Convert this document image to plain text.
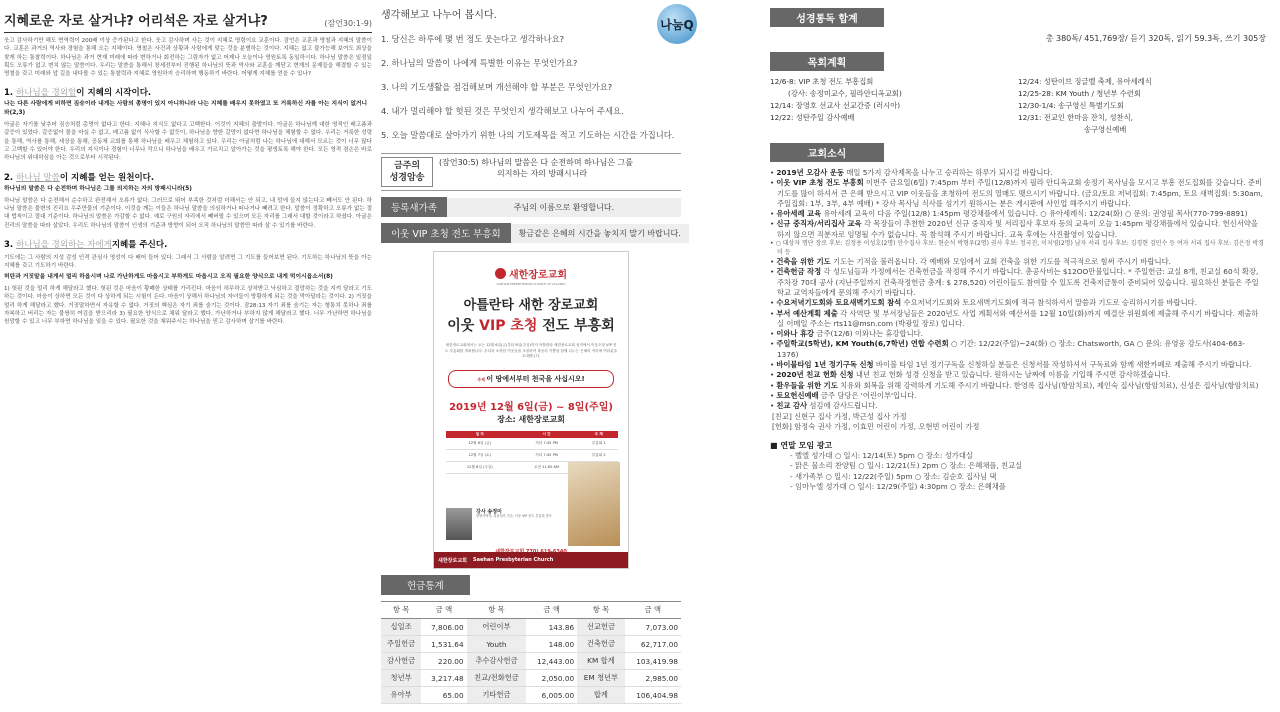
지혜로운 자로 살거냐? 어리석은 자로 살거냐?	(잠언30:1-9)

웃고 감사하기만 해도 면역력이 200배 이상 증가된다고 한다. 웃고 감사하며 사는 것이 지혜로 명령이요 교훈이다. 잠언은 교훈과 명철과 지혜의 말씀이다. 교훈은 과거의 역사와 경험을 통해 오는 지혜이다. 명철은 사건과 상황과 사람에게 맞는 것을 분별하는 것이다. 지혜는 없고 불가능해 보여도 최상을 찾게 하는 통찰력이다. 하나님은 과거 현재 미래에 따라 변하거나 회전하는 그림자가 없고 어제나 오늘이나 영원토록 동일하시다. 하나님 말씀은 일점일획도 오류가 없고 변치 않는 말씀이다. 우리는 말씀을 통해서 창세전부터 진행된 하나님의 뜻과 역사와 교훈을 깨닫고 현재의 문제들을 해결할 수 있는 명철을 갖고 미래와 앞 길을 내다볼 수 있는 통찰력과 지혜로 영원하지 승리하며 행동하기 바란다. 어떻게 지혜를 얻을 수 있나?

1. 하나님을 경외함이 지혜의 시작이다.

나는 다른 사람에게 비하면 짐승이라 내게는 사람의 총명이 있지 아니하니라 나는 지혜를 배우지 못하였고 또 거룩하신 자를 아는 지식이 없거니와(2,3)

아굴은 자기를 낮추어 짐승처럼 총명이 없다고 한다. 지혜나 지식도 없다고 고백한다. 이것이 지혜의 출발이다. 아굴은 하나님께 대한 영적인 배고픔과 갈증이 있었다. 갈증없이 물을 마실 수 없고, 배고픔 없이 식사할 수 없듯이, 하나님을 향한 갈망이 없다면 하나님을 체험할 수 없다. 우리는 거룩한 성령을 통해, 역사를 통해, 세상을 통해, 공동체 교회를 통해 하나님을 배우고 체험하고 있다. 우리는 아굴처럼 나는 하나님에 대해서 모르는 것이 너무 많다고 고백할 수 있어야 한다. 우리의 지식이나 경험이 너무나 작으니 하나님을 배우고 가르치고 알아가는 것을 평생토록 해야 한다. 모든 영적 겸손은 바로 하나님의 위대하심을 아는 것으로부터 시작된다.

2. 하나님 말씀이 지혜를 얻는 원천이다.

하나님의 말씀은 다 순전하며 하나님은 그를 의지하는 자의 방패시니라(5)

하나님 말씀은 다 순전해서 순수하고 완전해서 오류가 없다. 그러므로 뛰어 부족한 것처럼 더해서는 안 되고, 내 맘에 들지 않는다고 빼서도 안 된다. 하나님 말씀은 불변의 진리요 우주만물의 기준이다. 이것을 깨는 이들은 하나님 말씀을 의심하거나 떠나거나 빼려고 한다. 말씀이 정확하고 오류가 없는 절대 법칙이고 절대 기준이다. 하나님의 말씀은 가감할 수 없다. 예로 구원의 자리에서 빼버릴 수 있으며 모든 자리를 그래서 대할 것이라고 하셨다. 아굴은 진리의 말씀을 따라 살았다. 우리도 하나님의 말씀이 인생의 기준과 방향이 되어 오직 하나님의 말씀만 따라 살 수 있기를 바란다.

3. 하나님을 경외하는 자에게지혜를 주신다.

기도에는 그 사람의 지성 감성 인격 관심사 영성이 다 배어 들어 있다. 그래서 그 사람을 알려면 그 기도를 들어보면 된다. 기도하는 하나님의 뜻을 아는 지혜를 갖고 기도하기 바란다.

허탄과 거짓말을 내게서 멀리 하옵시며 나로 가난하게도 마옵시고 부하게도 마옵시고 오직 필요한 양식으로 내게 먹이시옵소서(8)

1) 헛된 것을 멀리 하게 해달라고 했다. 헛된 것은 마음이 황폐한 상태를 가리킨다. 마음이 허무하고 상처받고 낙심하고 절망하는 것을 지켜 달라고 기도하는 것이다. 마음이 상하면 모든 것이 다 상하게 되는 시험이 든다. 마음이 상해서 하나님의 자녀들이 방황하게 되는 것을 막아달라는 것이다. 2) 거짓을 멀리 하게 해달라고 했다. 거짓말하면서 자유할 수 없다. 거짓의 핵심은 자기 죄를 숨기는 것이다. 잠28:13 자기 죄를 숨기는 자는 형통치 못하나 죄를 자복하고 버리는 자는 불쌍히 여김을 받으리라 3) 필요한 양식으로 채워 달라고 했다. 가난하거나 부하지 않게 해달라고 했다. 너무 가난하면 하나님을 원망할 수 있고 너무 부하면 하나님을 잊을 수 있다. 필요한 것을 채워주시는 하나님을 믿고 감사하며 살기를 바란다.

나눔Q
생각해보고 나누어 봅시다.
1. 당신은 하루에 몇 번 정도 웃는다고 생각하나요?
2. 하나님의 말씀이 나에게 특별한 이유는 무엇인가요?
3. 나의 기도생활을 점검해보며 개선해야 할 부분은 무엇인가요?
4. 내가 멀리해야 할 헛된 것은 무엇인지 생각해보고 나누어 주세요.
5. 오늘 말씀대로 살아가기 위한 나의 기도제목을 적고 기도하는 시간을 가집니다.
금주의
성경암송
(잠언30:5) 하나님의 말씀은 다 순전하며 하나님은 그를
의지하는 자의 방패시니라
등록새가족	주님의 이름으로 환영합니다.
이웃 VIP 초청 전도 부흥회	황금같은 은혜의 시간을 놓치지 말기 바랍니다.
새한장로교회
SAEHAN PRESBYTERIAN CHURCH OF ATLANTA
아틀란타 새한 장로교회
이웃 VIP 초청 전도 부흥회
새한장로교회에서는 오는 12월 6일(금)부터 8일(주일)까지 아틀란타 새한장로교회 성전에서 이웃초청 VIP 전도 부흥회를 개최합니다. 우리의 소중한 이웃들을 초청하여 복음의 기쁨을 함께 나누는 은혜의 자리에 여러분을 초대합니다.
주제 이 땅에서부터 천국을 사십시오!
2019년 12월 6일(금) ~ 8일(주일)
장소: 새한장로교회
일 자	시 간	주 제
12월 6일 (금)	저녁 7:45 PM	부흥회 1
12월 7일 (토)	저녁 7:45 PM	부흥회 2
12월 8일 (주일)	오전 11:00 AM	
강사 송정미
찬양사역자, 복음성가 가수, 이웃 VIP 전도 부흥회 강사
새한장로교회 Saehan Presbyterian Church
헌금통계
항 목	금 액	항 목	금 액	항 목	금 액
십일조	7,806.00	어린이부	143.86	선교헌금	7,073.00
주일헌금	1,531.64	Youth	148.00	건축헌금	62,717.00
감사헌금	220.00	추수감사헌금	12,443.00	KM 합계	103,419.98
청년부	3,217.48	친교/전화헌금	2,050.00	EM 청년부	2,985.00
유아부	65.00	기타헌금	6,005.00	합계	106,404.98
성경통독 합계
총 380독/ 451,769장/ 듣기 320독, 읽기 59.3독, 쓰기 305장
목회계획
12/6-8: VIP 초청 전도 부흥집회	12/24: 성탄이브 징글벨 축제, 유아세례식
(강사: 송정미교수, 필라안디옥교회)	12/25-28: KM Youth / 청년부 수련회
12/14: 장영호 선교사 선교간증 (러시아)	12/30-1/4: 송구영신 특별기도회
12/22: 성탄주일 감사예배	12/31: 전교인 한마음 잔치, 성찬식,
송구영신예배
교회소식
• 2019년 오감사 운동 매일 5가지 감사제목을 나누고 승리하는 하루가 되시길 바랍니다.
• 이웃 VIP 초청 전도 부흥회 이번주 금요일(6일) 7:45pm 부터 주일(12/8)까지 필라 안디옥교회 송정기 목사님을 모시고 부흥 전도집회를 갖습니다. 준비 기도를 많이 하셔서 큰 은혜 받으시고 VIP 이웃들을 초청하여 전도의 열매도 맺으시기 바랍니다. (금요/토요 저녁집회: 7:45pm, 토요 새벽집회: 5:30am, 주일집회: 1부, 3부, 4부 예배) * 강사 목사님 식사를 섬기기 원하시는 분은 게시판에 사인업 해주시기 바랍니다.
• 유아세례 교육 유아세례 교육이 다음 주일(12/8) 1:45pm 평강채플에서 있습니다. ○ 유아세례식: 12/24(화) ○ 문의: 권영필 목사(770-799-8891)
• 신규 중직자/서리집사 교육 각 목장들이 추천한 2020년 신규 중직자 및 서리집사 후보자 등의 교육이 오늘 1:45pm 평강채플에서 있습니다. 헌신서약을 하지 않으면 직분자로 임명될 수가 없습니다. 꼭 참석해 주시기 바랍니다. 교육 후에는 사진촬영이 있습니다.
• ○ 대상자 명단 장로 후보: 김정용 이성호(2명) 안수집사 후보: 현순석 박형우(2명) 권사 후보: 정국진, 이지영(2명) 남자 서리 집사 후보: 김경현 김민수 등 여자 서리 집사 후보: 김은정 박경미 등
• 건축을 위한 기도 기도는 기적을 불러옵니다. 각 예배와 모임에서 교회 건축을 위한 기도를 적극적으로 힘써 주시기 바랍니다.
• 건축헌금 작정 각 성도님들과 가정에서는 건축헌금을 작정해 주시기 바랍니다. 총공사비는 $12OO만불입니다. * 주일헌금: 교실 8개, 친교실 60석 확장, 주차장 70대 공사 (지난주일까지 건축작정헌금 총계: $ 278,520) 어린이들도 참여할 수 있도록 건축저금통이 준비되어 있습니다. 필요하신 분들은 주일학교 교역자들에게 문의해 주시기 바랍니다.
• 수요저녁기도회와 토요새벽기도회 참석 수요저녁기도회와 토요새벽기도회에 적극 참석하셔서 말씀과 기도로 승리하시기를 바랍니다.
• 부서 예산계획 제출 각 사역단 및 부서장님들은 2020년도 사업 계획서와 예산서를 12월 10일(화)까지 예결산 위원회에 제출해 주시기 바랍니다. 제출하실 이메일 주소는 rts11@msn.com (박광일 장로) 입니다.
• 이와나 휴강 금주(12/6) 이와나는 휴강합니다.
• 주일학교(5학년), KM Youth(6,7학년) 연합 수련회 ○ 기간: 12/22(주일)~24(화) ○ 장소: Chatsworth, GA ○ 문의: 유영웅 강도사(404-663-1376)
• 바이블타임 1년 정기구독 신청 바이블 타임 1년 정기구독을 신청하실 분들은 신청서를 작성하셔서 구독료와 함께 새한카페로 제출해 주시기 바랍니다.
• 2020년 친교 헌화 신청 내년 친교 헌화 성경 신청을 받고 있습니다. 원하시는 날짜에 이름을 기입해 주시면 감사하겠습니다.
• 환우들을 위한 기도 치유와 회복을 위해 강력하게 기도해 주시기 바랍니다. 한영록 집사님(항암치료), 제인숙 집사님(항암치료), 신성은 집사님(항암치료)
• 토요헌신예배 금주 담당은 '어린이부'입니다.
• 친교 감사 섬김에 감사드립니다.
[친교] 신현구 집사 가정, 박근성 집사 가정
[헌화] 함정숙 권사 가정, 이효민 어린이 가정, 오현빈 어린이 가정
■ 연말 모임 광고
- 벨엘 성가대 ○ 일시: 12/14(토) 5pm ○ 장소: 성가대실
- 맑은 물소리 찬양팀 ○ 일시: 12/21(토) 2pm ○ 장소: 은혜채플, 친교실
- 새가족부 ○ 일시: 12/22(주일) 5pm ○ 장소: 김순호 집사님 댁
- 임마누엘 성가대 ○ 일시: 12/29(주일) 4:30pm ○ 장소: 은혜채플
